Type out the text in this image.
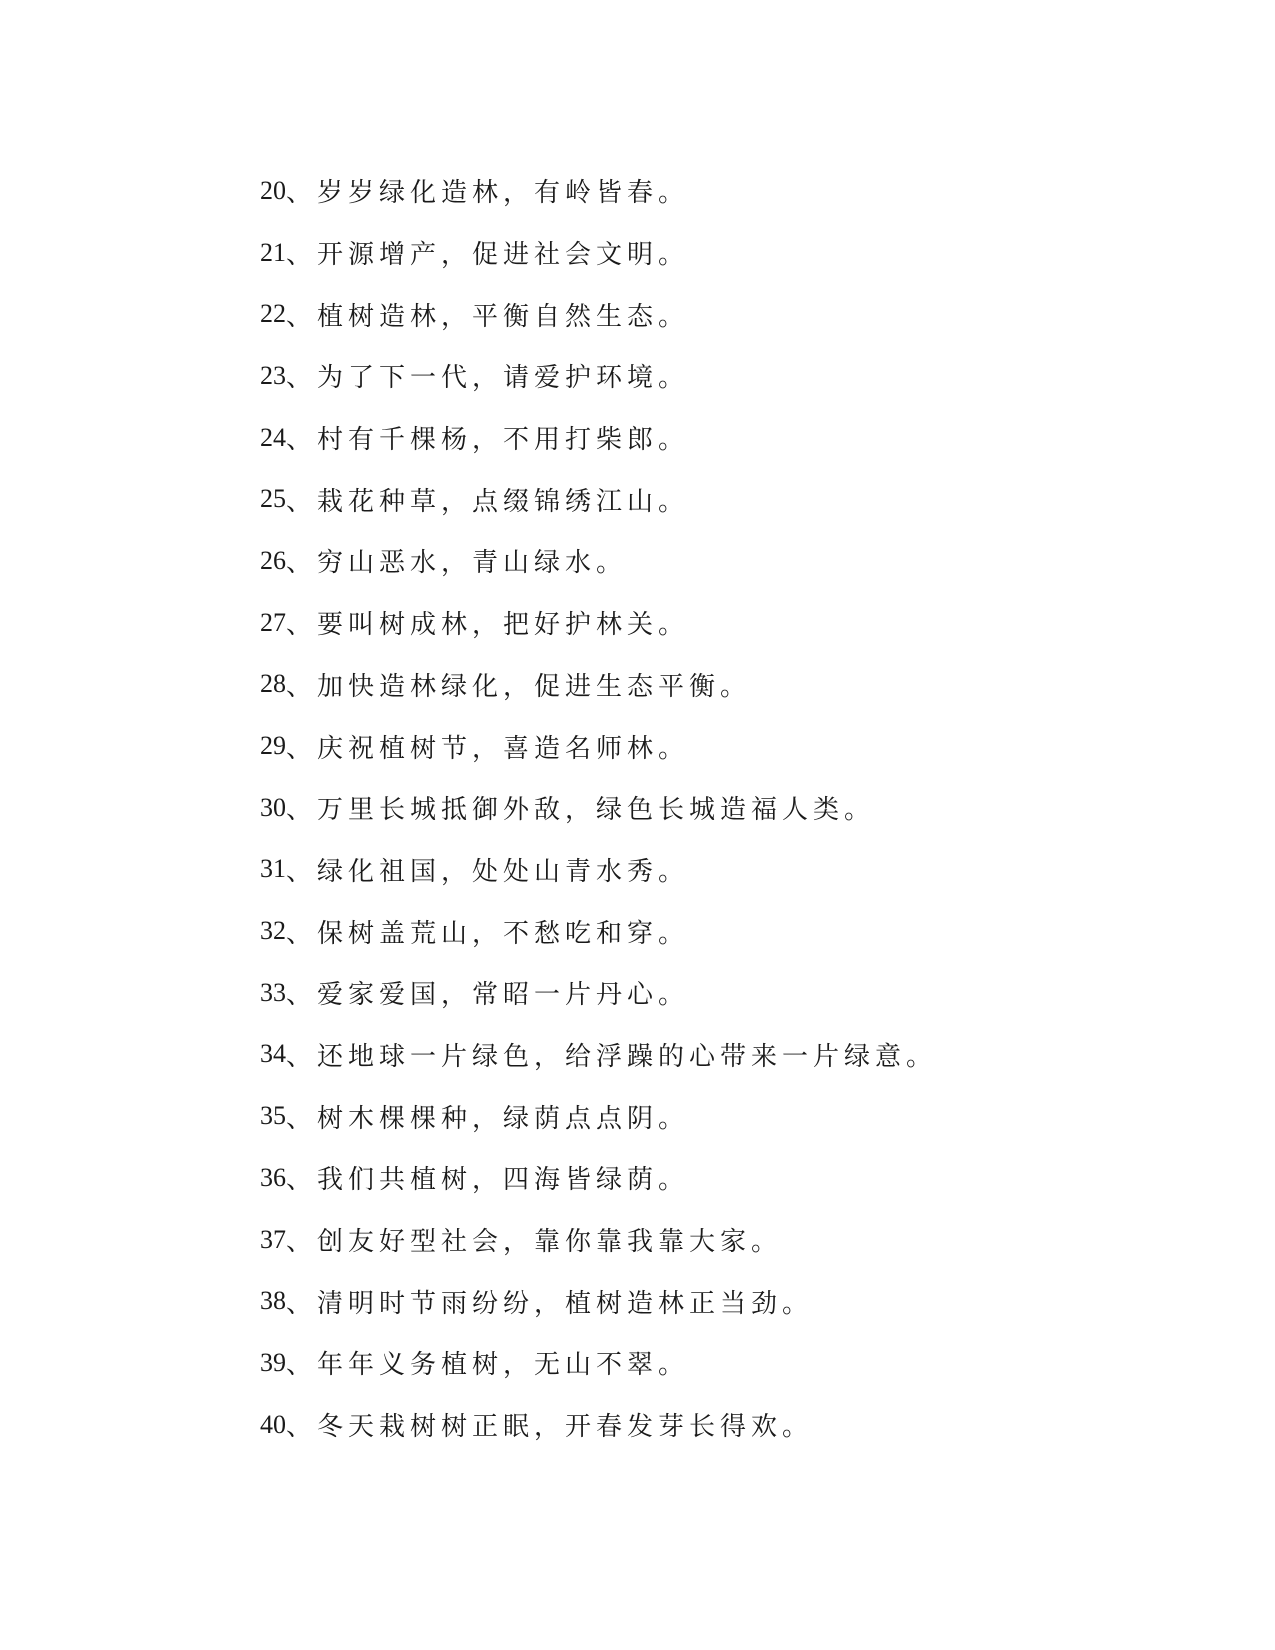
20 、岁岁绿化造林，有岭皆春。
21 、开源增产，促进社会文明。
22 、植树造林，平衡自然生态。
23 、为了下一代，请爱护环境。
24 、村有千棵杨，不用打柴郎。
25 、栽花种草，点缀锦绣江山。
26 、穷山恶水，青山绿水。
27 、要叫树成林，把好护林关。
28 、加快造林绿化，促进生态平衡。
29 、庆祝植树节，喜造名师林。
30 、万里长城抵御外敌，绿色长城造福人类。
31 、绿化祖国，处处山青水秀。
32 、保树盖荒山，不愁吃和穿。
33 、爱家爱国，常昭一片丹心。
34 、还地球一片绿色，给浮躁的心带来一片绿意。
35 、树木棵棵种，绿荫点点阴。
36 、我们共植树，四海皆绿荫。
37 、创友好型社会，靠你靠我靠大家。
38 、清明时节雨纷纷，植树造林正当劲。
39 、年年义务植树，无山不翠。
40 、冬天栽树树正眠，开春发芽长得欢。
